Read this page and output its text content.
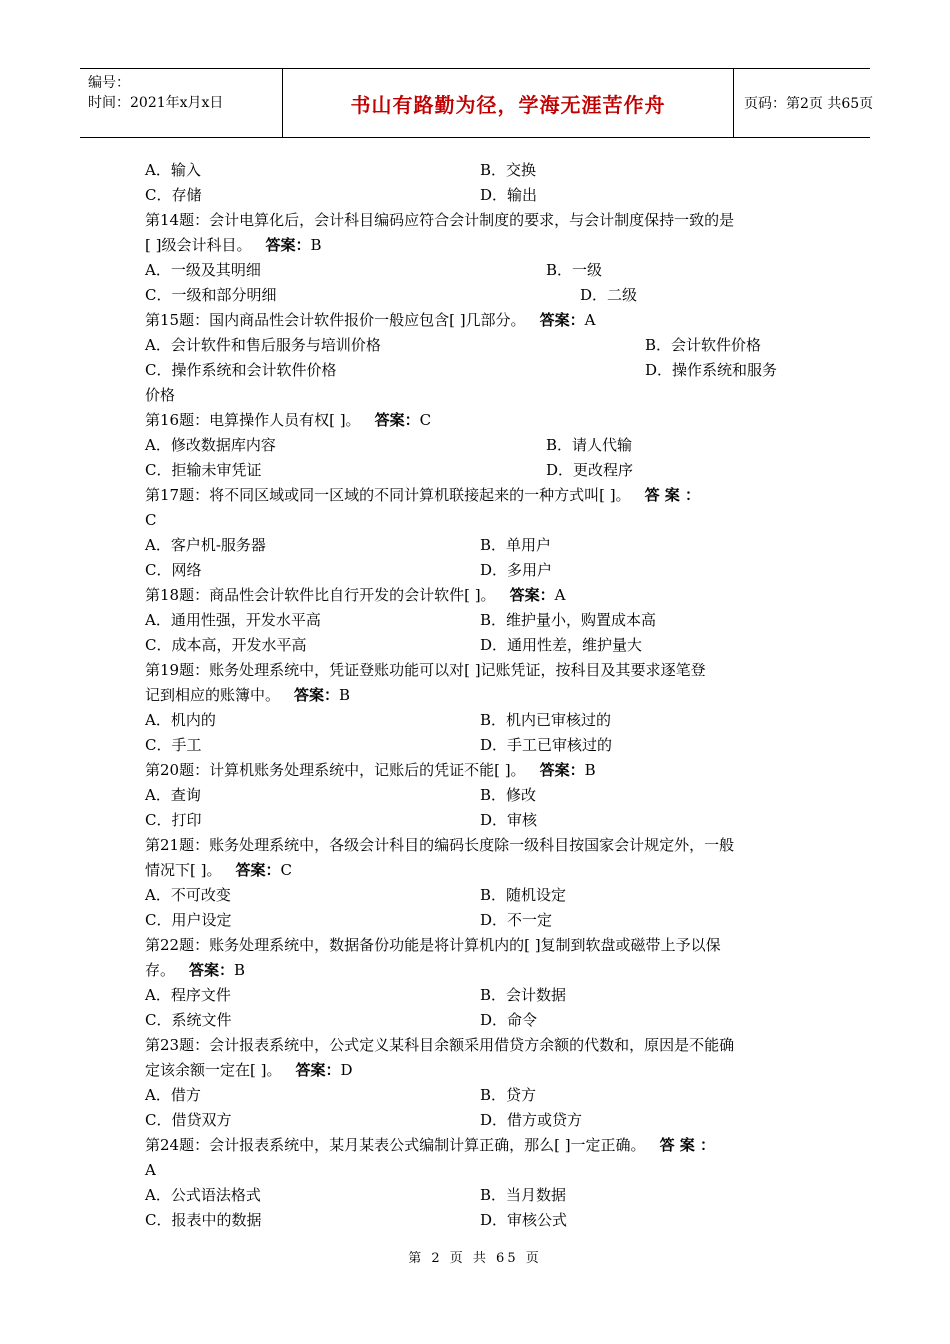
编号：
时间：2021年x月x日	书山有路勤为径，学海无涯苦作舟	页码：第2页 共65页
A．输入	B．交换
C．存储	D．输出
第14题：会计电算化后，会计科目编码应符合会计制度的要求，与会计制度保持一致的是
[ ]级会计科目。 答案：B
A．一级及其明细	B．一级
C．一级和部分明细	D．二级
第15题：国内商品性会计软件报价一般应包含[ ]几部分。 答案：A
A．会计软件和售后服务与培训价格	B．会计软件价格
C．操作系统和会计软件价格	D．操作系统和服务
价格
第16题：电算操作人员有权[ ]。 答案：C
A．修改数据库内容	B．请人代输
C．拒输未审凭证	D．更改程序
第17题：将不同区域或同一区域的不同计算机联接起来的一种方式叫[ ]。 答 案 ：
C
A．客户机-服务器	B．单用户
C．网络	D．多用户
第18题：商品性会计软件比自行开发的会计软件[ ]。 答案：A
A．通用性强，开发水平高	B．维护量小，购置成本高
C．成本高，开发水平高	D．通用性差，维护量大
第19题：账务处理系统中，凭证登账功能可以对[ ]记账凭证，按科目及其要求逐笔登
记到相应的账簿中。 答案：B
A．机内的	B．机内已审核过的
C．手工	D．手工已审核过的
第20题：计算机账务处理系统中，记账后的凭证不能[ ]。 答案：B
A．查询	B．修改
C．打印	D．审核
第21题：账务处理系统中，各级会计科目的编码长度除一级科目按国家会计规定外，一般
情况下[ ]。 答案：C
A．不可改变	B．随机设定
C．用户设定	D．不一定
第22题：账务处理系统中，数据备份功能是将计算机内的[ ]复制到软盘或磁带上予以保
存。 答案：B
A．程序文件	B．会计数据
C．系统文件	D．命令
第23题：会计报表系统中，公式定义某科目余额采用借贷方余额的代数和，原因是不能确
定该余额一定在[ ]。 答案：D
A．借方	B．贷方
C．借贷双方	D．借方或贷方
第24题：会计报表系统中，某月某表公式编制计算正确，那么[ ]一定正确。 答 案 ：
A
A．公式语法格式	B．当月数据
C．报表中的数据	D．审核公式
第 2 页 共 65 页
